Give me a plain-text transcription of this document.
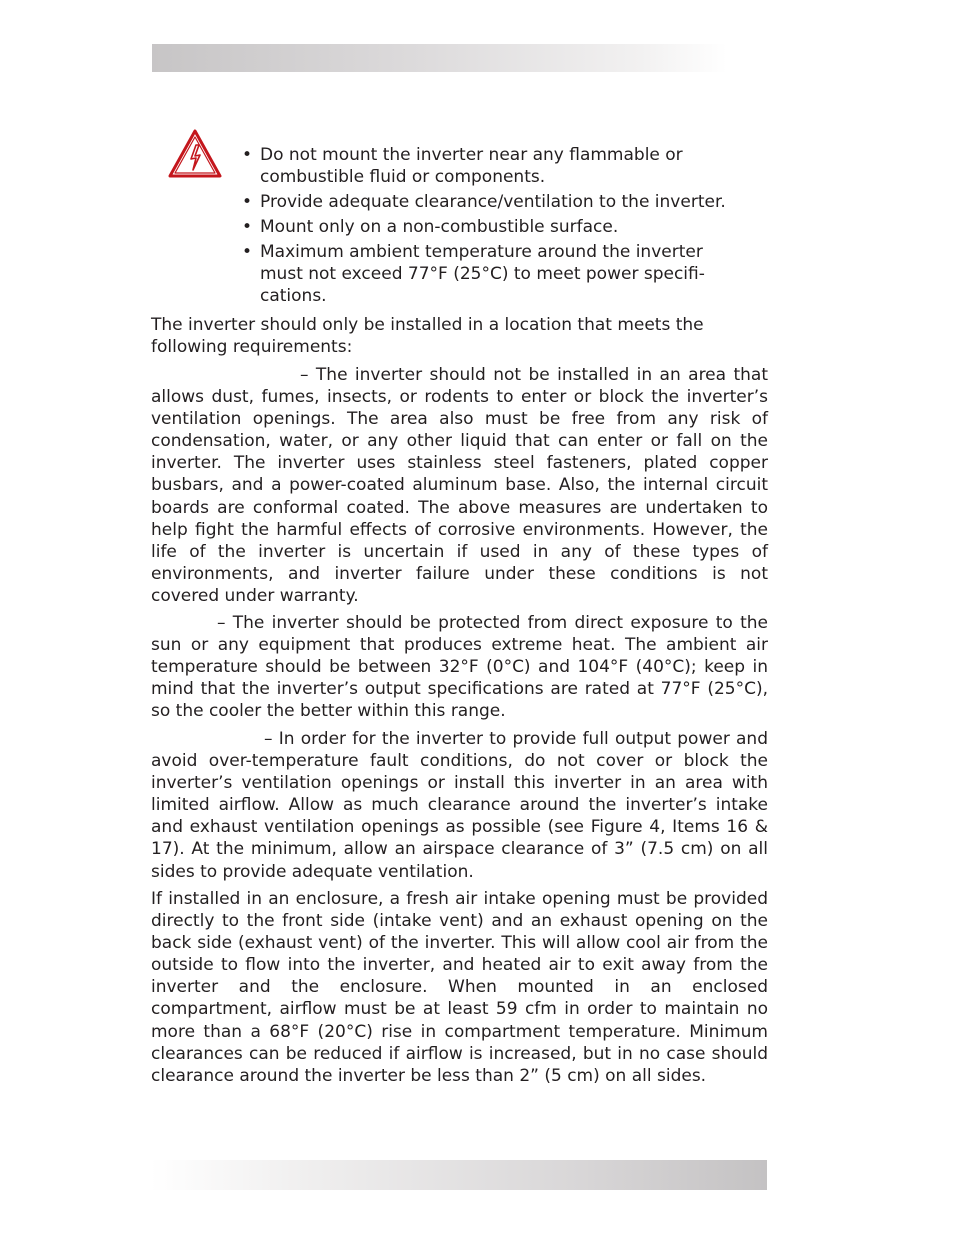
• Do not mount the inverter near any flammable or
combustible fluid or components.
• Provide adequate clearance/ventilation to the inverter.
• Mount only on a non-combustible surface.
• Maximum ambient temperature around the inverter
must not exceed 77°F (25°C) to meet power specifi-
cations.

The inverter should only be installed in a location that meets the following requirements:

– The inverter should not be installed in an area that allows dust, fumes, insects, or rodents to enter or block the inverter’s ventilation openings. The area also must be free from any risk of condensation, water, or any other liquid that can enter or fall on the inverter. The inverter uses stainless steel fasteners, plated copper busbars, and a power-coated aluminum base. Also, the internal circuit boards are conformal coated. The above measures are undertaken to help fight the harmful effects of corrosive environments. However, the life of the inverter is uncertain if used in any of these types of environments, and inverter failure under these conditions is not covered under warranty.

– The inverter should be protected from direct exposure to the sun or any equipment that produces extreme heat. The ambient air temperature should be between 32°F (0°C) and 104°F (40°C); keep in mind that the inverter’s output specifications are rated at 77°F (25°C), so the cooler the better within this range.

– In order for the inverter to provide full output power and avoid over-temperature fault conditions, do not cover or block the inverter’s ventilation openings or install this inverter in an area with limited airflow. Allow as much clearance around the inverter’s intake and exhaust ventilation openings as possible (see Figure 4, Items 16 & 17). At the minimum, allow an airspace clearance of 3” (7.5 cm) on all sides to provide adequate ventilation.

If installed in an enclosure, a fresh air intake opening must be provided directly to the front side (intake vent) and an exhaust opening on the back side (exhaust vent) of the inverter. This will allow cool air from the outside to flow into the inverter, and heated air to exit away from the inverter and the enclosure. When mounted in an enclosed compartment, airflow must be at least 59 cfm in order to maintain no more than a 68°F (20°C) rise in compartment temperature. Minimum clearances can be reduced if airflow is increased, but in no case should clearance around the inverter be less than 2” (5 cm) on all sides.
